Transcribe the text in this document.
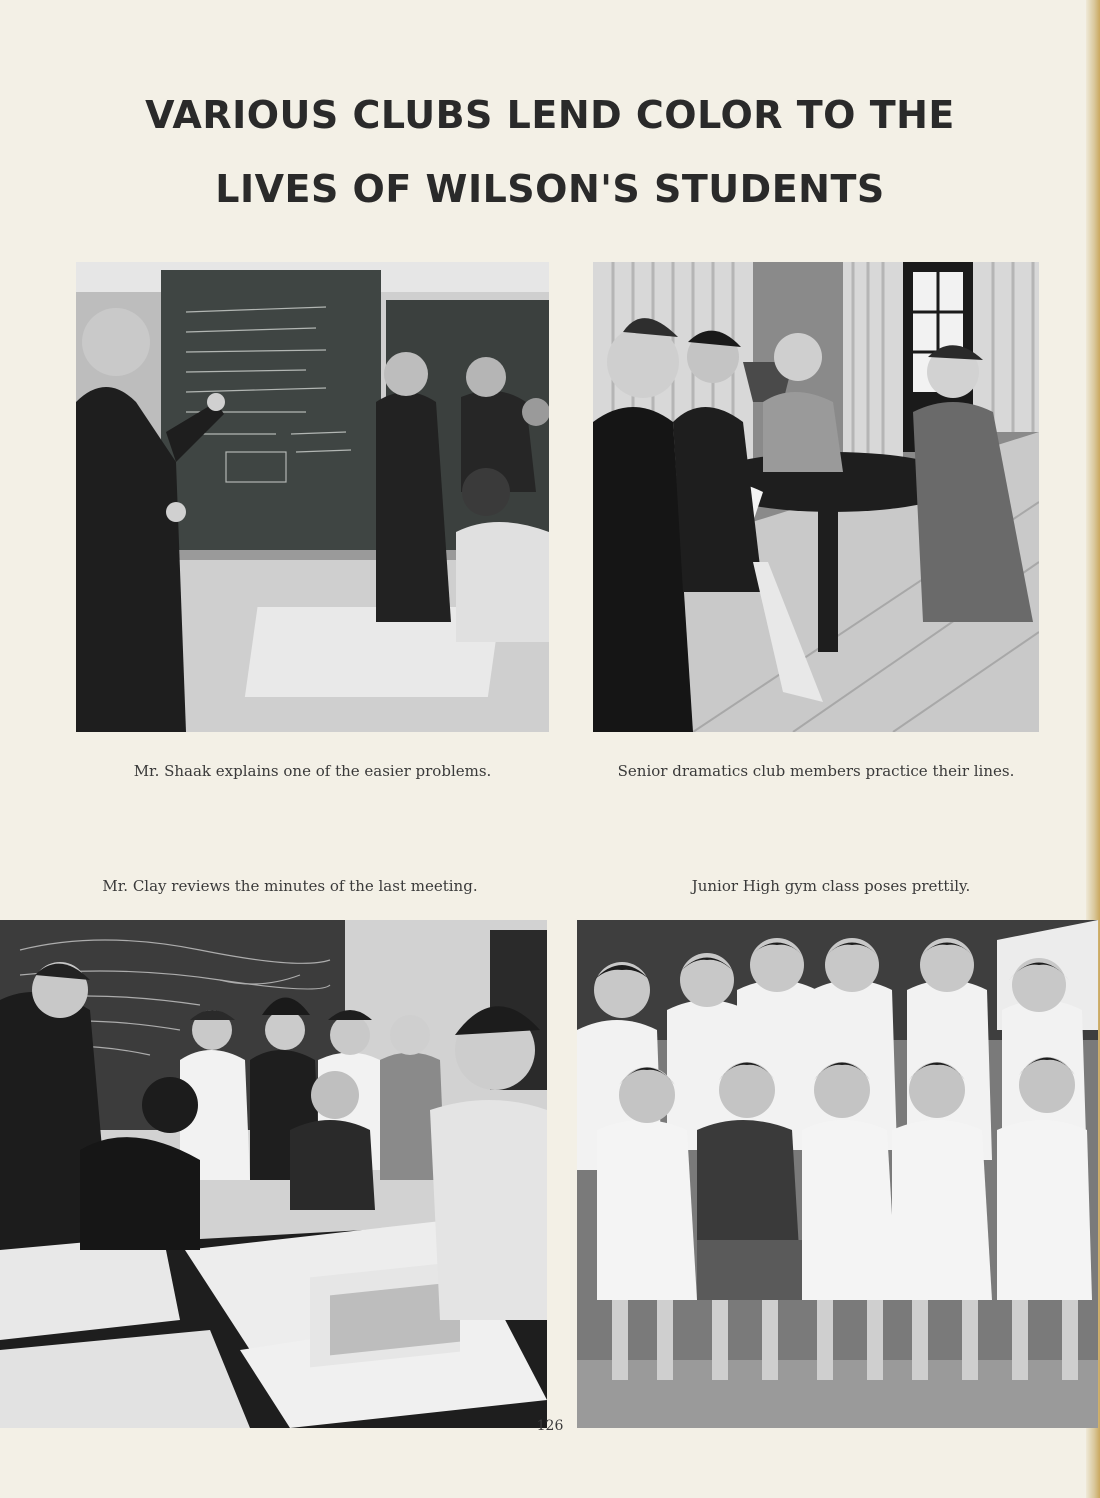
VARIOUS CLUBS LEND COLOR TO THE
LIVES OF WILSON'S STUDENTS
Mr. Shaak explains one of the easier problems.	Senior dramatics club members practice their lines.
Mr. Clay reviews the minutes of the last meeting.	Junior High gym class poses prettily.
126
